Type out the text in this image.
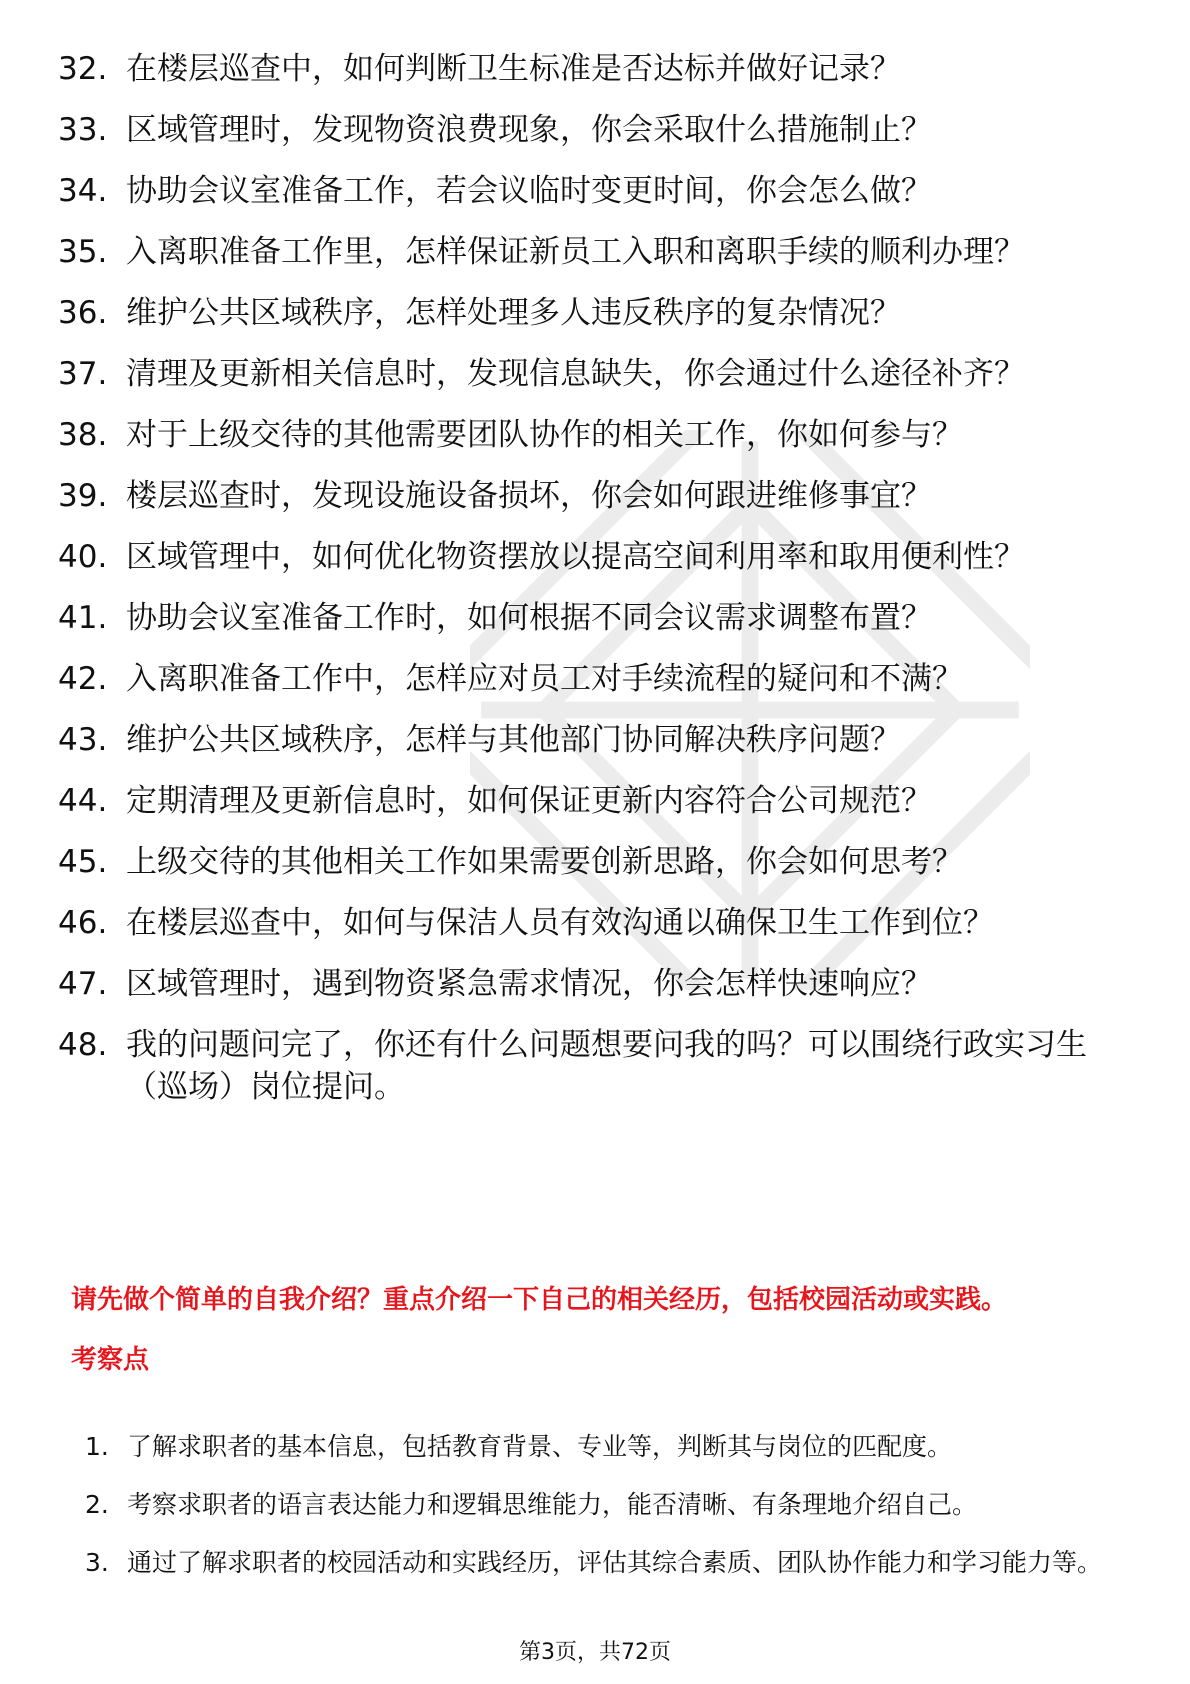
32. 在楼层巡查中，如何判断卫生标准是否达标并做好记录？
33. 区域管理时，发现物资浪费现象，你会采取什么措施制止？
34. 协助会议室准备工作，若会议临时变更时间，你会怎么做？
35. 入离职准备工作里，怎样保证新员工入职和离职手续的顺利办理？
36. 维护公共区域秩序，怎样处理多人违反秩序的复杂情况？
37. 清理及更新相关信息时，发现信息缺失，你会通过什么途径补齐？
38. 对于上级交待的其他需要团队协作的相关工作，你如何参与？
39. 楼层巡查时，发现设施设备损坏，你会如何跟进维修事宜？
40. 区域管理中，如何优化物资摆放以提高空间利用率和取用便利性？
41. 协助会议室准备工作时，如何根据不同会议需求调整布置？
42. 入离职准备工作中，怎样应对员工对手续流程的疑问和不满？
43. 维护公共区域秩序，怎样与其他部门协同解决秩序问题？
44. 定期清理及更新信息时，如何保证更新内容符合公司规范？
45. 上级交待的其他相关工作如果需要创新思路，你会如何思考？
46. 在楼层巡查中，如何与保洁人员有效沟通以确保卫生工作到位？
47. 区域管理时，遇到物资紧急需求情况，你会怎样快速响应？
48. 我的问题问完了，你还有什么问题想要问我的吗？可以围绕行政实习生（巡场）岗位提问。
请先做个简单的自我介绍？重点介绍一下自己的相关经历，包括校园活动或实践。
考察点
1. 了解求职者的基本信息，包括教育背景、专业等，判断其与岗位的匹配度。
2. 考察求职者的语言表达能力和逻辑思维能力，能否清晰、有条理地介绍自己。
3. 通过了解求职者的校园活动和实践经历，评估其综合素质、团队协作能力和学习能力等。
第3页，共72页
